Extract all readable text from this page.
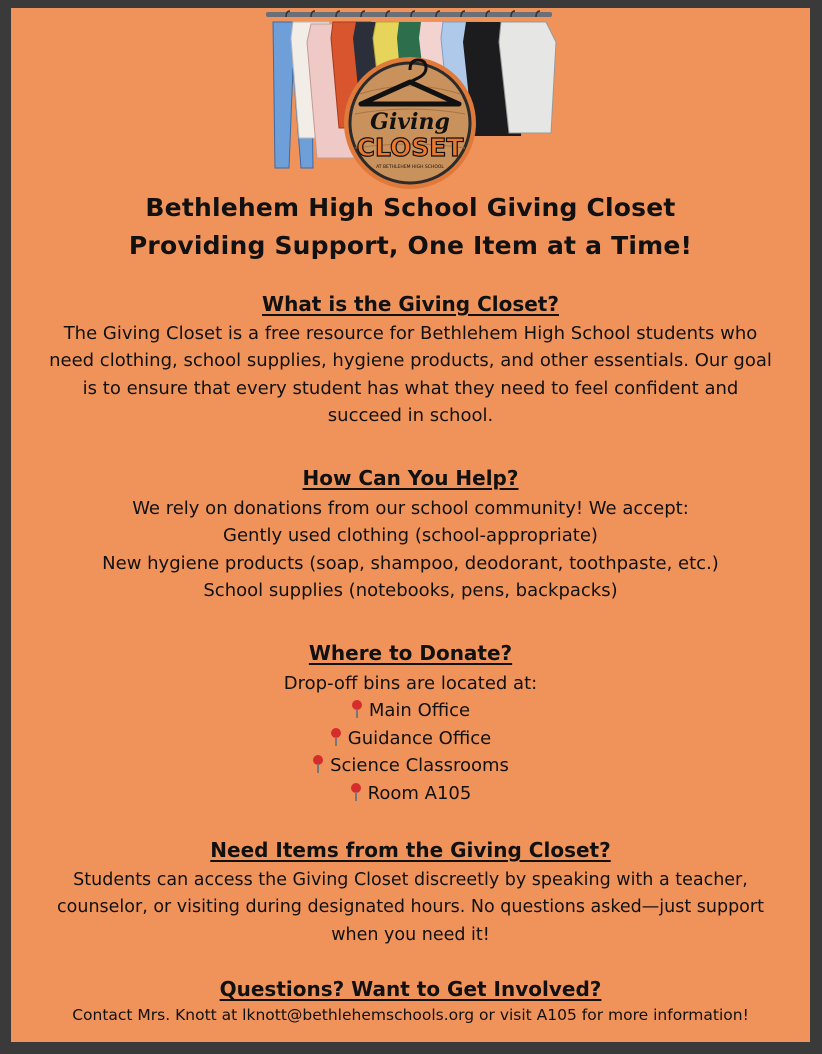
Giving
CLOSET
AT BETHLEHEM HIGH SCHOOL
Bethlehem High School Giving Closet
Providing Support, One Item at a Time!
What is the Giving Closet?
The Giving Closet is a free resource for Bethlehem High School students who
need clothing, school supplies, hygiene products, and other essentials. Our goal
is to ensure that every student has what they need to feel confident and
succeed in school.
How Can You Help?
We rely on donations from our school community! We accept:
Gently used clothing (school-appropriate)
New hygiene products (soap, shampoo, deodorant, toothpaste, etc.)
School supplies (notebooks, pens, backpacks)
Where to Donate?
Drop-off bins are located at:
Main Office
Guidance Office
Science Classrooms
Room A105
Need Items from the Giving Closet?
Students can access the Giving Closet discreetly by speaking with a teacher,
counselor, or visiting during designated hours. No questions asked—just support
when you need it!
Questions? Want to Get Involved?
Contact Mrs. Knott at lknott@bethlehemschools.org or visit A105 for more information!
